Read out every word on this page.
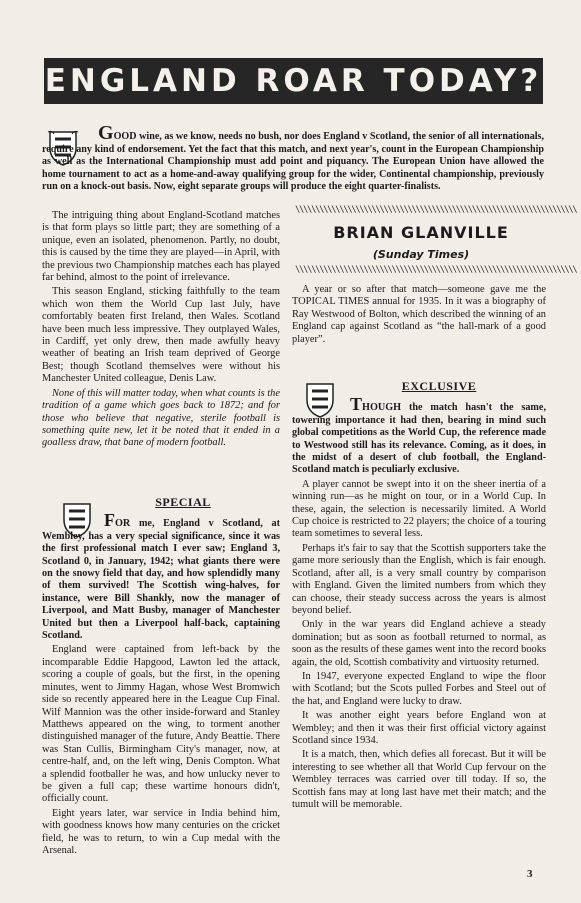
ENGLAND ROAR TODAY?
GOOD wine, as we know, needs no bush, nor does England v Scotland, the senior of all internationals, require any kind of endorsement. Yet the fact that this match, and next year's, count in the European Championship as well as the International Championship must add point and piquancy. The European Union have allowed the home tournament to act as a home-and-away qualifying group for the wider, Continental championship, previously run on a knock-out basis. Now, eight separate groups will produce the eight quarter-finalists.

The intriguing thing about England-Scotland matches is that form plays so little part; they are something of a unique, even an isolated, phenomenon. Partly, no doubt, this is caused by the time they are played—in April, with the previous two Championship matches each has played far behind, almost to the point of irrelevance.

This season England, sticking faithfully to the team which won them the World Cup last July, have comfortably beaten first Ireland, then Wales. Scotland have been much less impressive. They outplayed Wales, in Cardiff, yet only drew, then made awfully heavy weather of beating an Irish team deprived of George Best; though Scotland themselves were without his Manchester United colleague, Denis Law.

None of this will matter today, when what counts is the tradition of a game which goes back to 1872; and for those who believe that negative, sterile football is something quite new, let it be noted that it ended in a goalless draw, that bane of modern football.

SPECIAL

FOR me, England v Scotland, at Wembley, has a very special significance, since it was the first professional match I ever saw; England 3, Scotland 0, in January, 1942; what giants there were on the snowy field that day, and how splendidly many of them survived! The Scottish wing-halves, for instance, were Bill Shankly, now the manager of Liverpool, and Matt Busby, manager of Manchester United but then a Liverpool half-back, captaining Scotland.

England were captained from left-back by the incomparable Eddie Hapgood, Lawton led the attack, scoring a couple of goals, but the first, in the opening minutes, went to Jimmy Hagan, whose West Bromwich side so recently appeared here in the League Cup Final. Wilf Mannion was the other inside-forward and Stanley Matthews appeared on the wing, to torment another distinguished manager of the future, Andy Beattie. There was Stan Cullis, Birmingham City's manager, now, at centre-half, and, on the left wing, Denis Compton. What a splendid footballer he was, and how unlucky never to be given a full cap; these wartime honours didn't, officially count.

Eight years later, war service in India behind him, with goodness knows how many centuries on the cricket field, he was to return, to win a Cup medal with the Arsenal.

\\\\\\\\\\\\\\\\\\\\\\\\\\\\\\\\\\\\\\\\\\\\\\\\\\\\\\\\\\\\\\\\\\\\\\
BRIAN GLANVILLE
(Sunday Times)
\\\\\\\\\\\\\\\\\\\\\\\\\\\\\\\\\\\\\\\\\\\\\\\\\\\\\\\\\\\\\\\\\\\\\\

A year or so after that match—someone gave me the TOPICAL TIMES annual for 1935. In it was a biography of Ray Westwood of Bolton, which described the winning of an England cap against Scotland as “the hall-mark of a good player”.

EXCLUSIVE

THOUGH the match hasn't the same, towering importance it had then, bearing in mind such global competitions as the World Cup, the reference made to Westwood still has its relevance. Coming, as it does, in the midst of a desert of club football, the England-Scotland match is peculiarly exclusive.

A player cannot be swept into it on the sheer inertia of a winning run—as he might on tour, or in a World Cup. In these, again, the selection is necessarily limited. A World Cup choice is restricted to 22 players; the choice of a touring team sometimes to several less.

Perhaps it's fair to say that the Scottish supporters take the game more seriously than the English, which is fair enough. Scotland, after all, is a very small country by comparison with England. Given the limited numbers from which they can choose, their steady success across the years is almost beyond belief.

Only in the war years did England achieve a steady domination; but as soon as football returned to normal, as soon as the results of these games went into the record books again, the old, Scottish combativity and virtuosity returned.

In 1947, everyone expected England to wipe the floor with Scotland; but the Scots pulled Forbes and Steel out of the hat, and England were lucky to draw.

It was another eight years before England won at Wembley; and then it was their first official victory against Scotland since 1934.

It is a match, then, which defies all forecast. But it will be interesting to see whether all that World Cup fervour on the Wembley terraces was carried over till today. If so, the Scottish fans may at long last have met their match; and the tumult will be memorable.

3
